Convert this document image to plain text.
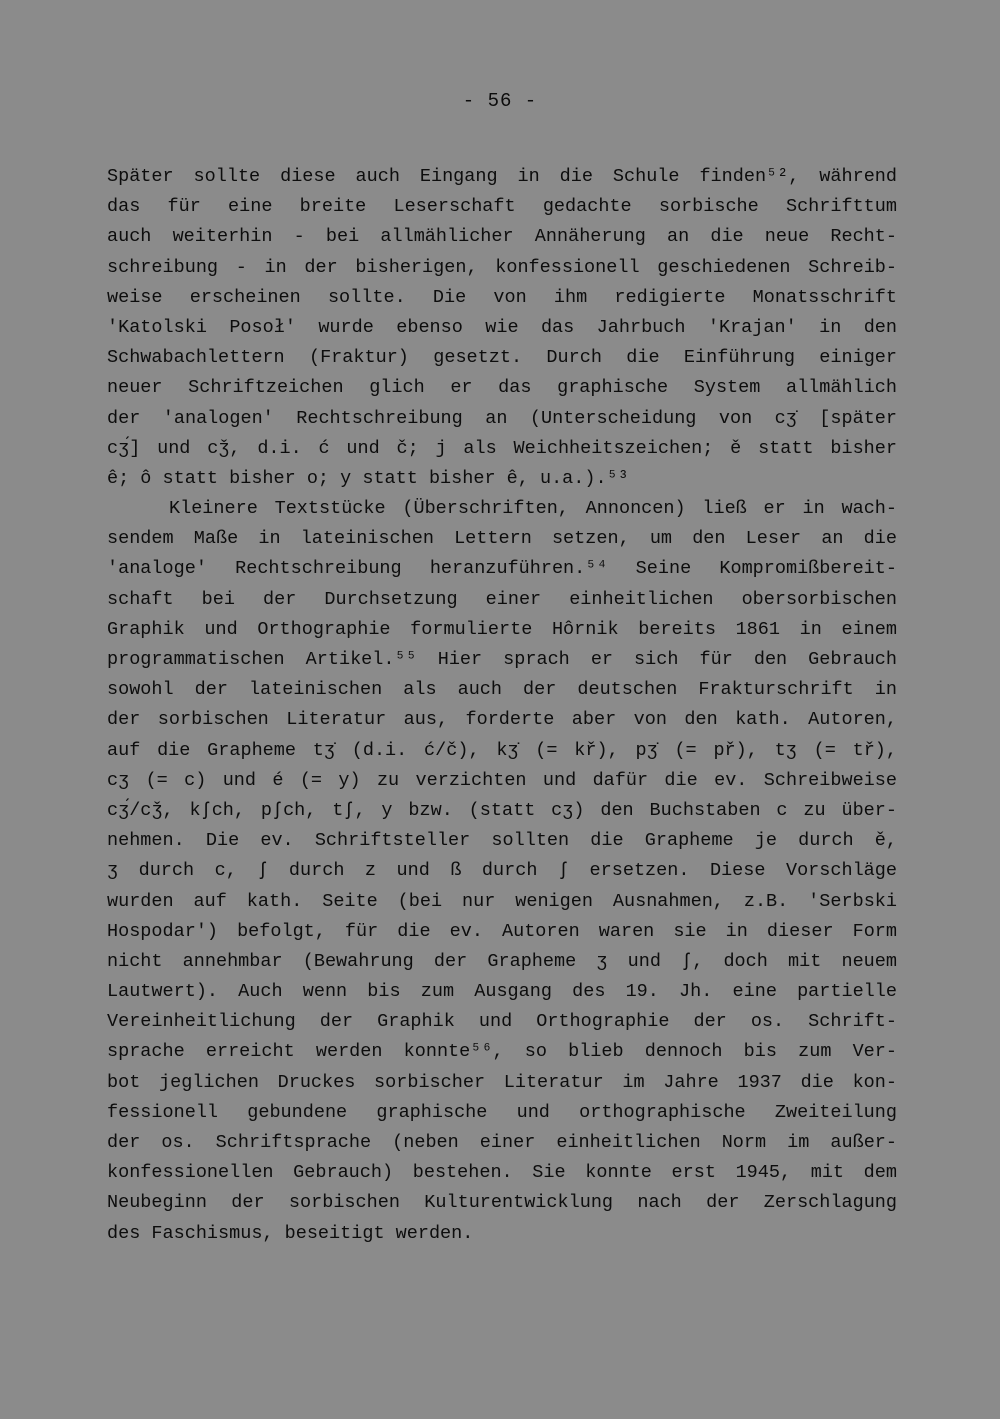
- 56 -
Später sollte diese auch Eingang in die Schule finden⁵², während
das für eine breite Leserschaft gedachte sorbische Schrifttum
auch weiterhin - bei allmählicher Annäherung an die neue Recht-
schreibung - in der bisherigen, konfessionell geschiedenen Schreib-
weise erscheinen sollte. Die von ihm redigierte Monatsschrift
'Katolski Posoł' wurde ebenso wie das Jahrbuch 'Krajan' in den
Schwabachlettern (Fraktur) gesetzt. Durch die Einführung einiger
neuer Schriftzeichen glich er das graphische System allmählich
der 'analogen' Rechtschreibung an (Unterscheidung von cʒ̇ [später
cʒ́] und cǯ, d.i. ć und č; j als Weichheitszeichen; ě statt bisher
ê; ô statt bisher o; y statt bisher ê, u.a.).⁵³
Kleinere Textstücke (Überschriften, Annoncen) ließ er in wach-
sendem Maße in lateinischen Lettern setzen, um den Leser an die
'analoge' Rechtschreibung heranzuführen.⁵⁴ Seine Kompromißbereit-
schaft bei der Durchsetzung einer einheitlichen obersorbischen
Graphik und Orthographie formulierte Hôrnik bereits 1861 in einem
programmatischen Artikel.⁵⁵ Hier sprach er sich für den Gebrauch
sowohl der lateinischen als auch der deutschen Frakturschrift in
der sorbischen Literatur aus, forderte aber von den kath. Autoren,
auf die Grapheme tʒ̇ (d.i. ć/č), kʒ̇ (= kř), pʒ̇ (= př), tʒ (= tř),
cʒ (= c) und é (= y) zu verzichten und dafür die ev. Schreibweise
cʒ́/cǯ, kʃch, pʃch, tʃ, y bzw. (statt cʒ) den Buchstaben c zu über-
nehmen. Die ev. Schriftsteller sollten die Grapheme je durch ě,
ʒ durch c, ʃ durch z und ß durch ʃ ersetzen. Diese Vorschläge
wurden auf kath. Seite (bei nur wenigen Ausnahmen, z.B. 'Serbski
Hospodar') befolgt, für die ev. Autoren waren sie in dieser Form
nicht annehmbar (Bewahrung der Grapheme ʒ und ʃ, doch mit neuem
Lautwert). Auch wenn bis zum Ausgang des 19. Jh. eine partielle
Vereinheitlichung der Graphik und Orthographie der os. Schrift-
sprache erreicht werden konnte⁵⁶, so blieb dennoch bis zum Ver-
bot jeglichen Druckes sorbischer Literatur im Jahre 1937 die kon-
fessionell gebundene graphische und orthographische Zweiteilung
der os. Schriftsprache (neben einer einheitlichen Norm im außer-
konfessionellen Gebrauch) bestehen. Sie konnte erst 1945, mit dem
Neubeginn der sorbischen Kulturentwicklung nach der Zerschlagung
des Faschismus, beseitigt werden.
